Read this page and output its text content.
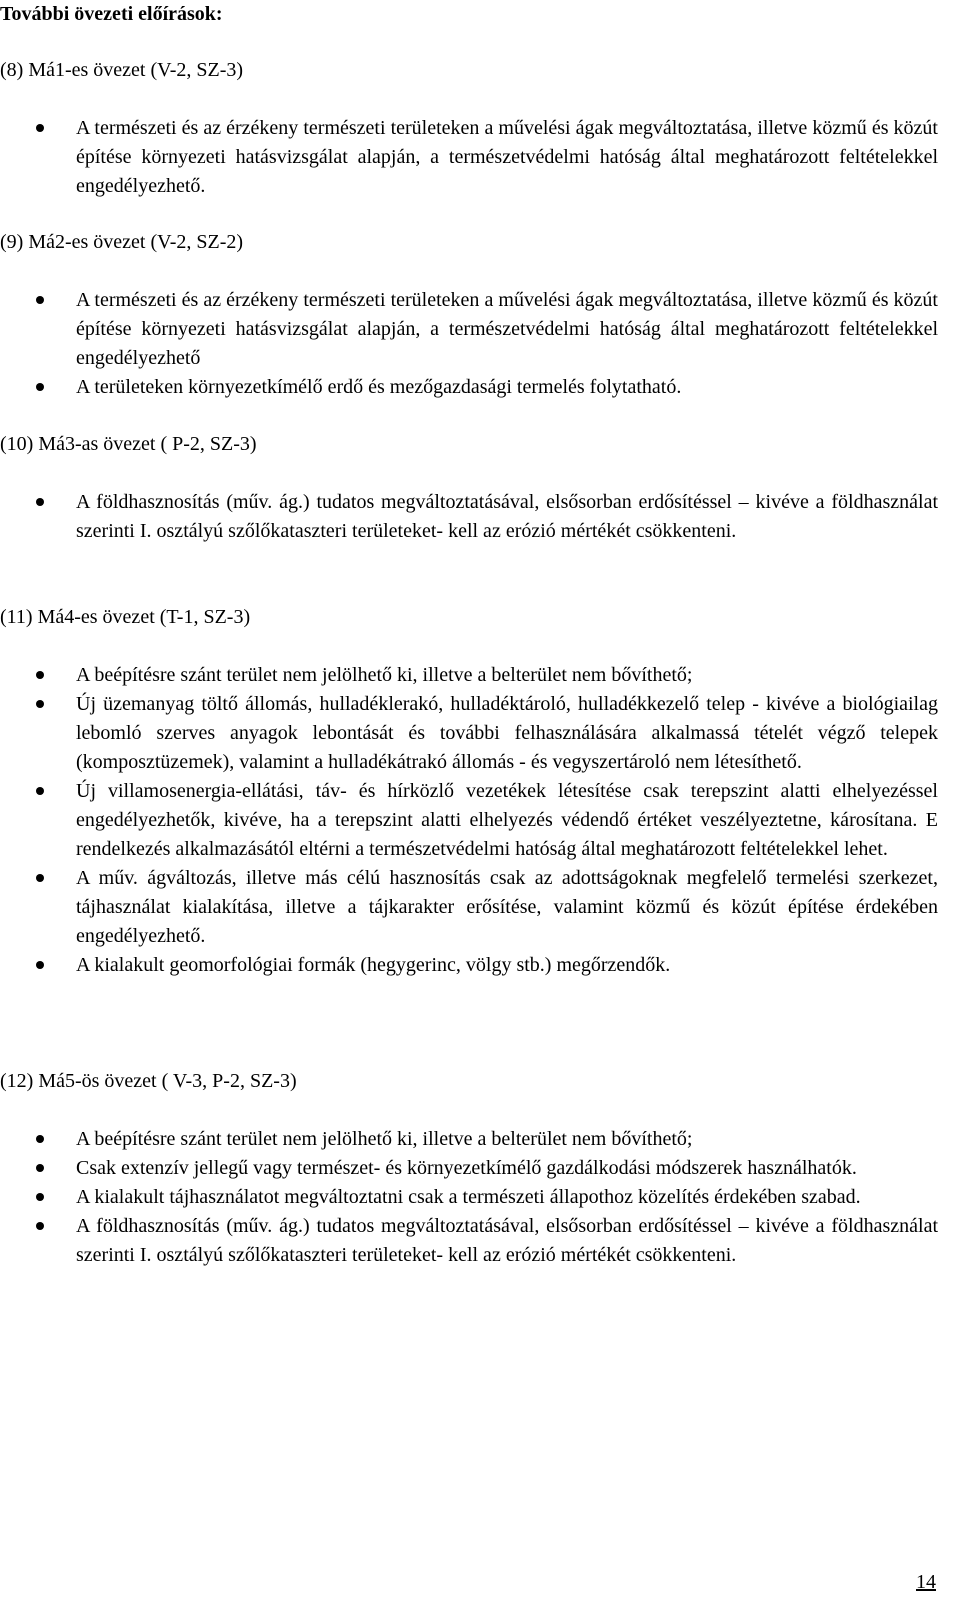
További övezeti előírások:

(8) Má1-es övezet (V-2, SZ-3)

A természeti és az érzékeny természeti területeken a művelési ágak megváltoztatása, illetve közmű és közút építése környezeti hatásvizsgálat alapján, a természetvédelmi hatóság által meghatározott feltételekkel engedélyezhető.

(9) Má2-es övezet (V-2, SZ-2)

A természeti és az érzékeny természeti területeken a művelési ágak megváltoztatása, illetve közmű és közút építése környezeti hatásvizsgálat alapján, a természetvédelmi hatóság által meghatározott feltételekkel engedélyezhető
A területeken környezetkímélő erdő és mezőgazdasági termelés folytatható.

(10) Má3-as övezet ( P-2, SZ-3)

A földhasznosítás (műv. ág.) tudatos megváltoztatásával, elsősorban erdősítéssel – kivéve a földhasználat szerinti I. osztályú szőlőkataszteri területeket- kell az erózió mértékét csökkenteni.

(11) Má4-es övezet (T-1, SZ-3)

A beépítésre szánt terület nem jelölhető ki, illetve a belterület nem bővíthető;
Új üzemanyag töltő állomás, hulladéklerakó, hulladéktároló, hulladékkezelő telep - kivéve a biológiailag lebomló szerves anyagok lebontását és további felhasználására alkalmassá tételét végző telepek (komposztüzemek), valamint a hulladékátrakó állomás - és vegyszertároló nem létesíthető.
Új villamosenergia-ellátási, táv- és hírközlő vezetékek létesítése csak terepszint alatti elhelyezéssel engedélyezhetők, kivéve, ha a terepszint alatti elhelyezés védendő értéket veszélyeztetne, károsítana. E rendelkezés alkalmazásától eltérni a természetvédelmi hatóság által meghatározott feltételekkel lehet.
A műv. ágváltozás, illetve más célú hasznosítás csak az adottságoknak megfelelő termelési szerkezet, tájhasználat kialakítása, illetve a tájkarakter erősítése, valamint közmű és közút építése érdekében engedélyezhető.
A kialakult geomorfológiai formák (hegygerinc, völgy stb.) megőrzendők.

(12) Má5-ös övezet ( V-3, P-2, SZ-3)

A beépítésre szánt terület nem jelölhető ki, illetve a belterület nem bővíthető;
Csak extenzív jellegű vagy természet- és környezetkímélő gazdálkodási módszerek használhatók.
A kialakult tájhasználatot megváltoztatni csak a természeti állapothoz közelítés érdekében szabad.
A földhasznosítás (műv. ág.) tudatos megváltoztatásával, elsősorban erdősítéssel – kivéve a földhasználat szerinti I. osztályú szőlőkataszteri területeket- kell az erózió mértékét csökkenteni.

14
